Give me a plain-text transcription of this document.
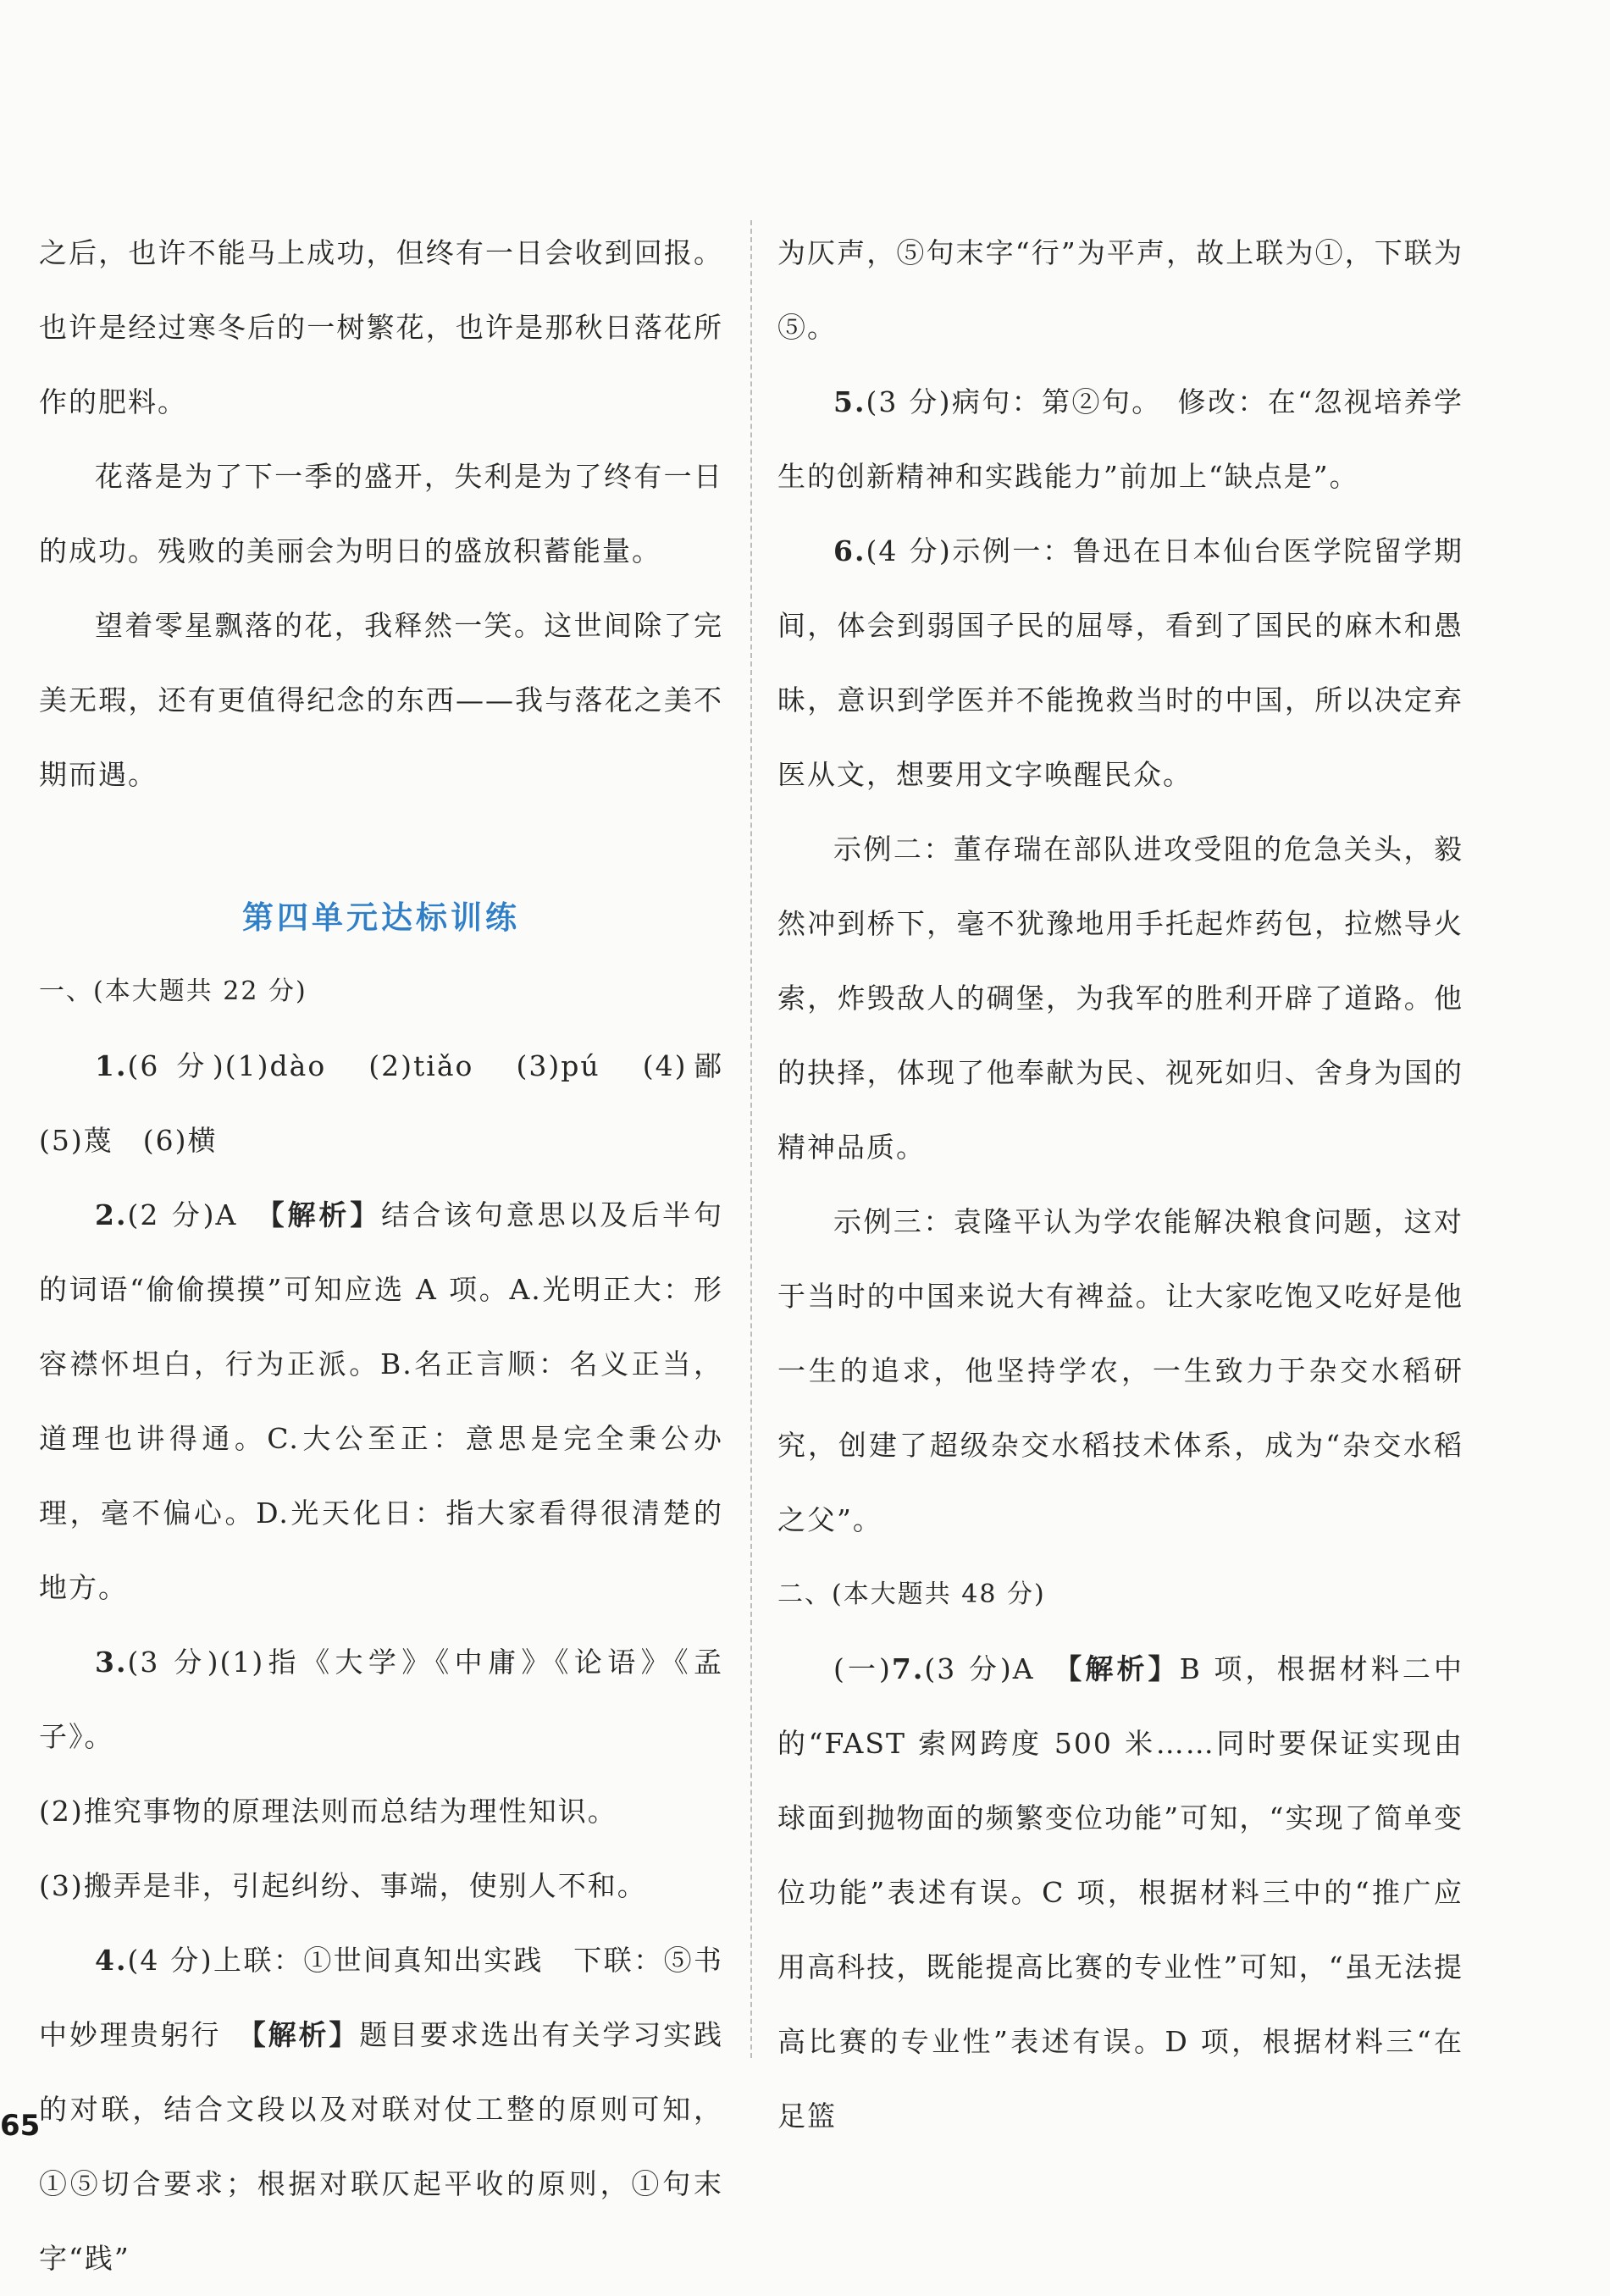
之后，也许不能马上成功，但终有一日会收到回报。也许是经过寒冬后的一树繁花，也许是那秋日落花所作的肥料。

花落是为了下一季的盛开，失利是为了终有一日的成功。残败的美丽会为明日的盛放积蓄能量。

望着零星飘落的花，我释然一笑。这世间除了完美无瑕，还有更值得纪念的东西——我与落花之美不期而遇。

第四单元达标训练

一、(本大题共 22 分)

1.(6 分)(1)dào　(2)tiǎo　(3)pú　(4)鄙　(5)蔑　(6)横

2.(2 分)A　【解析】结合该句意思以及后半句的词语“偷偷摸摸”可知应选 A 项。A.光明正大：形容襟怀坦白，行为正派。B.名正言顺：名义正当，道理也讲得通。C.大公至正：意思是完全秉公办理，毫不偏心。D.光天化日：指大家看得很清楚的地方。

3.(3 分)(1)指《大学》《中庸》《论语》《孟子》。

(2)推究事物的原理法则而总结为理性知识。

(3)搬弄是非，引起纠纷、事端，使别人不和。

4.(4 分)上联：①世间真知出实践　下联：⑤书中妙理贵躬行　【解析】题目要求选出有关学习实践的对联，结合文段以及对联对仗工整的原则可知，①⑤切合要求；根据对联仄起平收的原则，①句末字“践”

为仄声，⑤句末字“行”为平声，故上联为①，下联为⑤。

5.(3 分)病句：第②句。　修改：在“忽视培养学生的创新精神和实践能力”前加上“缺点是”。

6.(4 分)示例一：鲁迅在日本仙台医学院留学期间，体会到弱国子民的屈辱，看到了国民的麻木和愚昧，意识到学医并不能挽救当时的中国，所以决定弃医从文，想要用文字唤醒民众。

示例二：董存瑞在部队进攻受阻的危急关头，毅然冲到桥下，毫不犹豫地用手托起炸药包，拉燃导火索，炸毁敌人的碉堡，为我军的胜利开辟了道路。他的抉择，体现了他奉献为民、视死如归、舍身为国的精神品质。

示例三：袁隆平认为学农能解决粮食问题，这对于当时的中国来说大有裨益。让大家吃饱又吃好是他一生的追求，他坚持学农，一生致力于杂交水稻研究，创建了超级杂交水稻技术体系，成为“杂交水稻之父”。

二、(本大题共 48 分)

(一)7.(3 分)A　【解析】B 项，根据材料二中的“FAST 索网跨度 500 米……同时要保证实现由球面到抛物面的频繁变位功能”可知，“实现了简单变位功能”表述有误。C 项，根据材料三中的“推广应用高科技，既能提高比赛的专业性”可知，“虽无法提高比赛的专业性”表述有误。D 项，根据材料三“在足篮

65
